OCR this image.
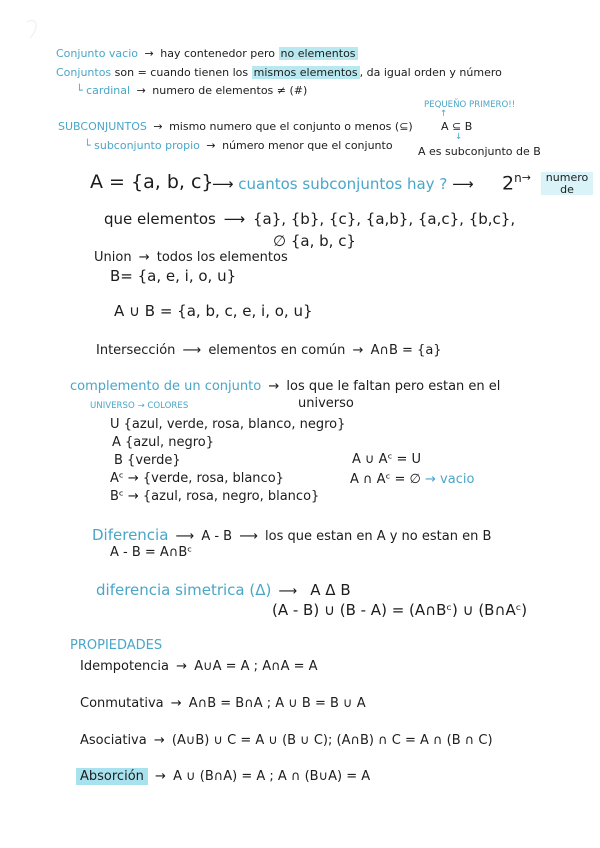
Conjunto vacio → hay contenedor pero no elementos
Conjuntos son = cuando tienen los mismos elementos , da igual orden y número
└ cardinal → numero de elementos ≠ (#)
SUBCONJUNTOS → mismo numero que el conjunto o menos (⊆)
└ subconjunto propio → número menor que el conjunto
PEQUEÑO PRIMERO!!
↑
A ⊆ B
↓
A es subconjunto de B
A = {a, b, c}
⟶ cuantos subconjuntos hay ? ⟶ $2^{n\to}$	numero de
que elementos ⟶ {a}, {b}, {c}, {a,b}, {a,c}, {b,c},
∅ {a, b, c}
Union → todos los elementos
B= {a, e, i, o, u}
A ∪ B = {a, b, c, e, i, o, u}
Intersección ⟶ elementos en común → A∩B = {a}
complemento de un conjunto → los que le faltan pero estan en el
universo
UNIVERSO → COLORES
U {azul, verde, rosa, blanco, negro}
A {azul, negro}
B {verde}
Aᶜ → {verde, rosa, blanco}
Bᶜ → {azul, rosa, negro, blanco}
A ∪ Aᶜ = U
A ∩ Aᶜ = ∅ → vacio
Diferencia ⟶ A - B ⟶ los que estan en A y no estan en B
A - B = A∩Bᶜ
diferencia simetrica (Δ) ⟶ A Δ B
(A - B) ∪ (B - A) = (A∩Bᶜ) ∪ (B∩Aᶜ)
PROPIEDADES
Idempotencia → A∪A = A ; A∩A = A
Conmutativa → A∩B = B∩A ; A ∪ B = B ∪ A
Asociativa → (A∪B) ∪ C = A ∪ (B ∪ C); (A∩B) ∩ C = A ∩ (B ∩ C)
Absorción → A ∪ (B∩A) = A ; A ∩ (B∪A) = A
